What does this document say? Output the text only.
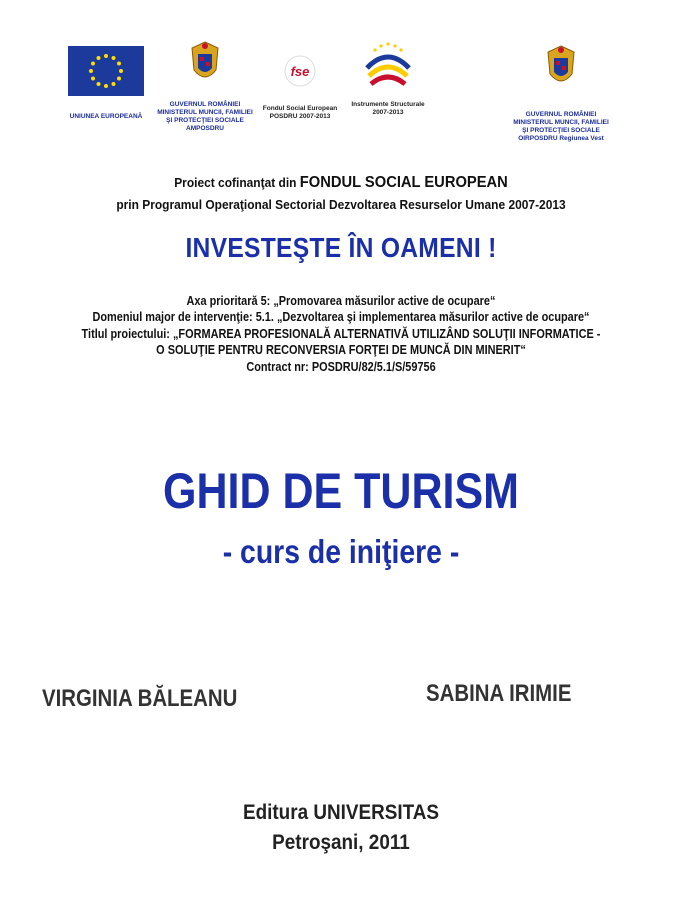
UNIUNEA EUROPEANĂ
GUVERNUL ROMÂNIEI
MINISTERUL MUNCII, FAMILIEI
ŞI PROTECŢIEI SOCIALE
AMPOSDRU
fse
Fondul Social European
POSDRU 2007-2013
Instrumente Structurale
2007-2013	GUVERNUL ROMÂNIEI
MINISTERUL MUNCII, FAMILIEI
ŞI PROTECŢIEI SOCIALE
OIRPOSDRU Regiunea Vest
Proiect cofinanţat din FONDUL SOCIAL EUROPEAN
prin Programul Operaţional Sectorial Dezvoltarea Resurselor Umane 2007-2013
INVESTEŞTE ÎN OAMENI !
Axa prioritară 5: „Promovarea măsurilor active de ocupare“
Domeniul major de intervenţie: 5.1. „Dezvoltarea şi implementarea măsurilor active de ocupare“
Titlul proiectului: „FORMAREA PROFESIONALĂ ALTERNATIVĂ UTILIZÂND SOLUŢII INFORMATICE -
O SOLUŢIE PENTRU RECONVERSIA FORŢEI DE MUNCĂ DIN MINERIT“
Contract nr: POSDRU/82/5.1/S/59756
GHID DE TURISM
- curs de iniţiere -
VIRGINIA BĂLEANU	SABINA IRIMIE
Editura UNIVERSITAS
Petroşani, 2011
